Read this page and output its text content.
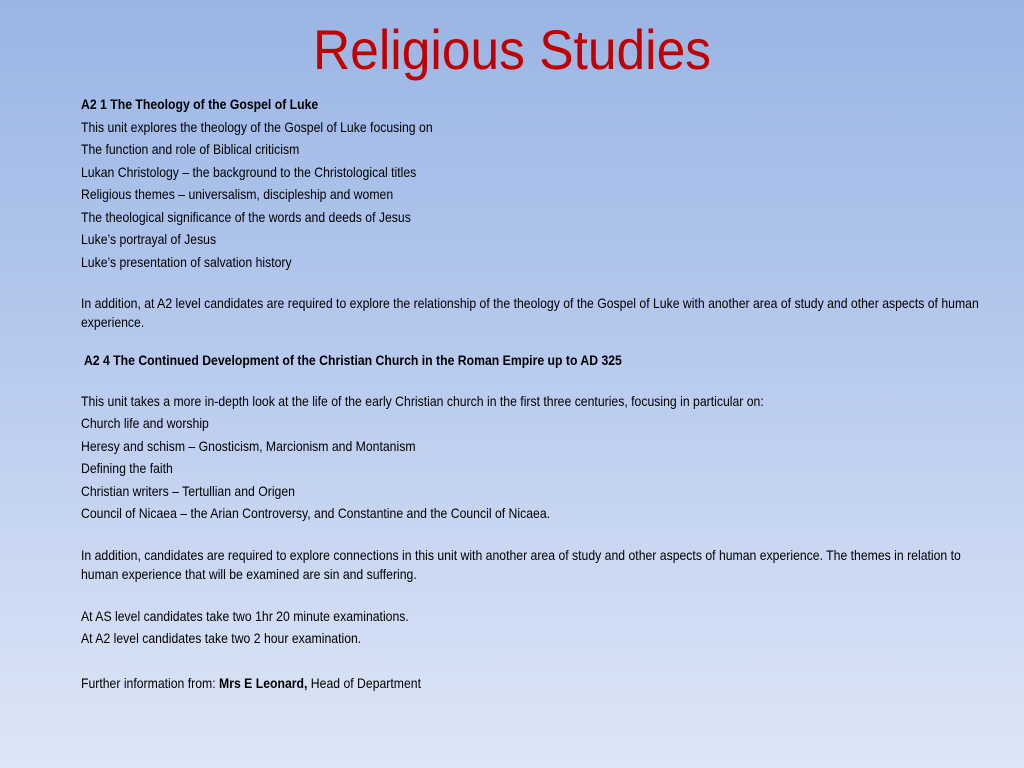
Religious Studies

A2 1 The Theology of the Gospel of Luke

This unit explores the theology of the Gospel of Luke focusing on

The function and role of Biblical criticism

Lukan Christology – the background to the Christological titles

Religious themes – universalism, discipleship and women

The theological significance of the words and deeds of Jesus

Luke’s portrayal of Jesus

Luke’s presentation of salvation history

In addition, at A2 level candidates are required to explore the relationship of the theology of the Gospel of Luke with another area of study and other aspects of human experience.

A2 4 The Continued Development of the Christian Church in the Roman Empire up to AD 325

This unit takes a more in-depth look at the life of the early Christian church in the first three centuries, focusing in particular on:

Church life and worship

Heresy and schism – Gnosticism, Marcionism and Montanism

Defining the faith

Christian writers – Tertullian and Origen

Council of Nicaea – the Arian Controversy, and Constantine and the Council of Nicaea.

In addition, candidates are required to explore connections in this unit with another area of study and other aspects of human experience. The themes in relation to human experience that will be examined are sin and suffering.

At AS level candidates take two 1hr 20 minute examinations.

At A2 level candidates take two 2 hour examination.

Further information from: Mrs E Leonard, Head of Department
